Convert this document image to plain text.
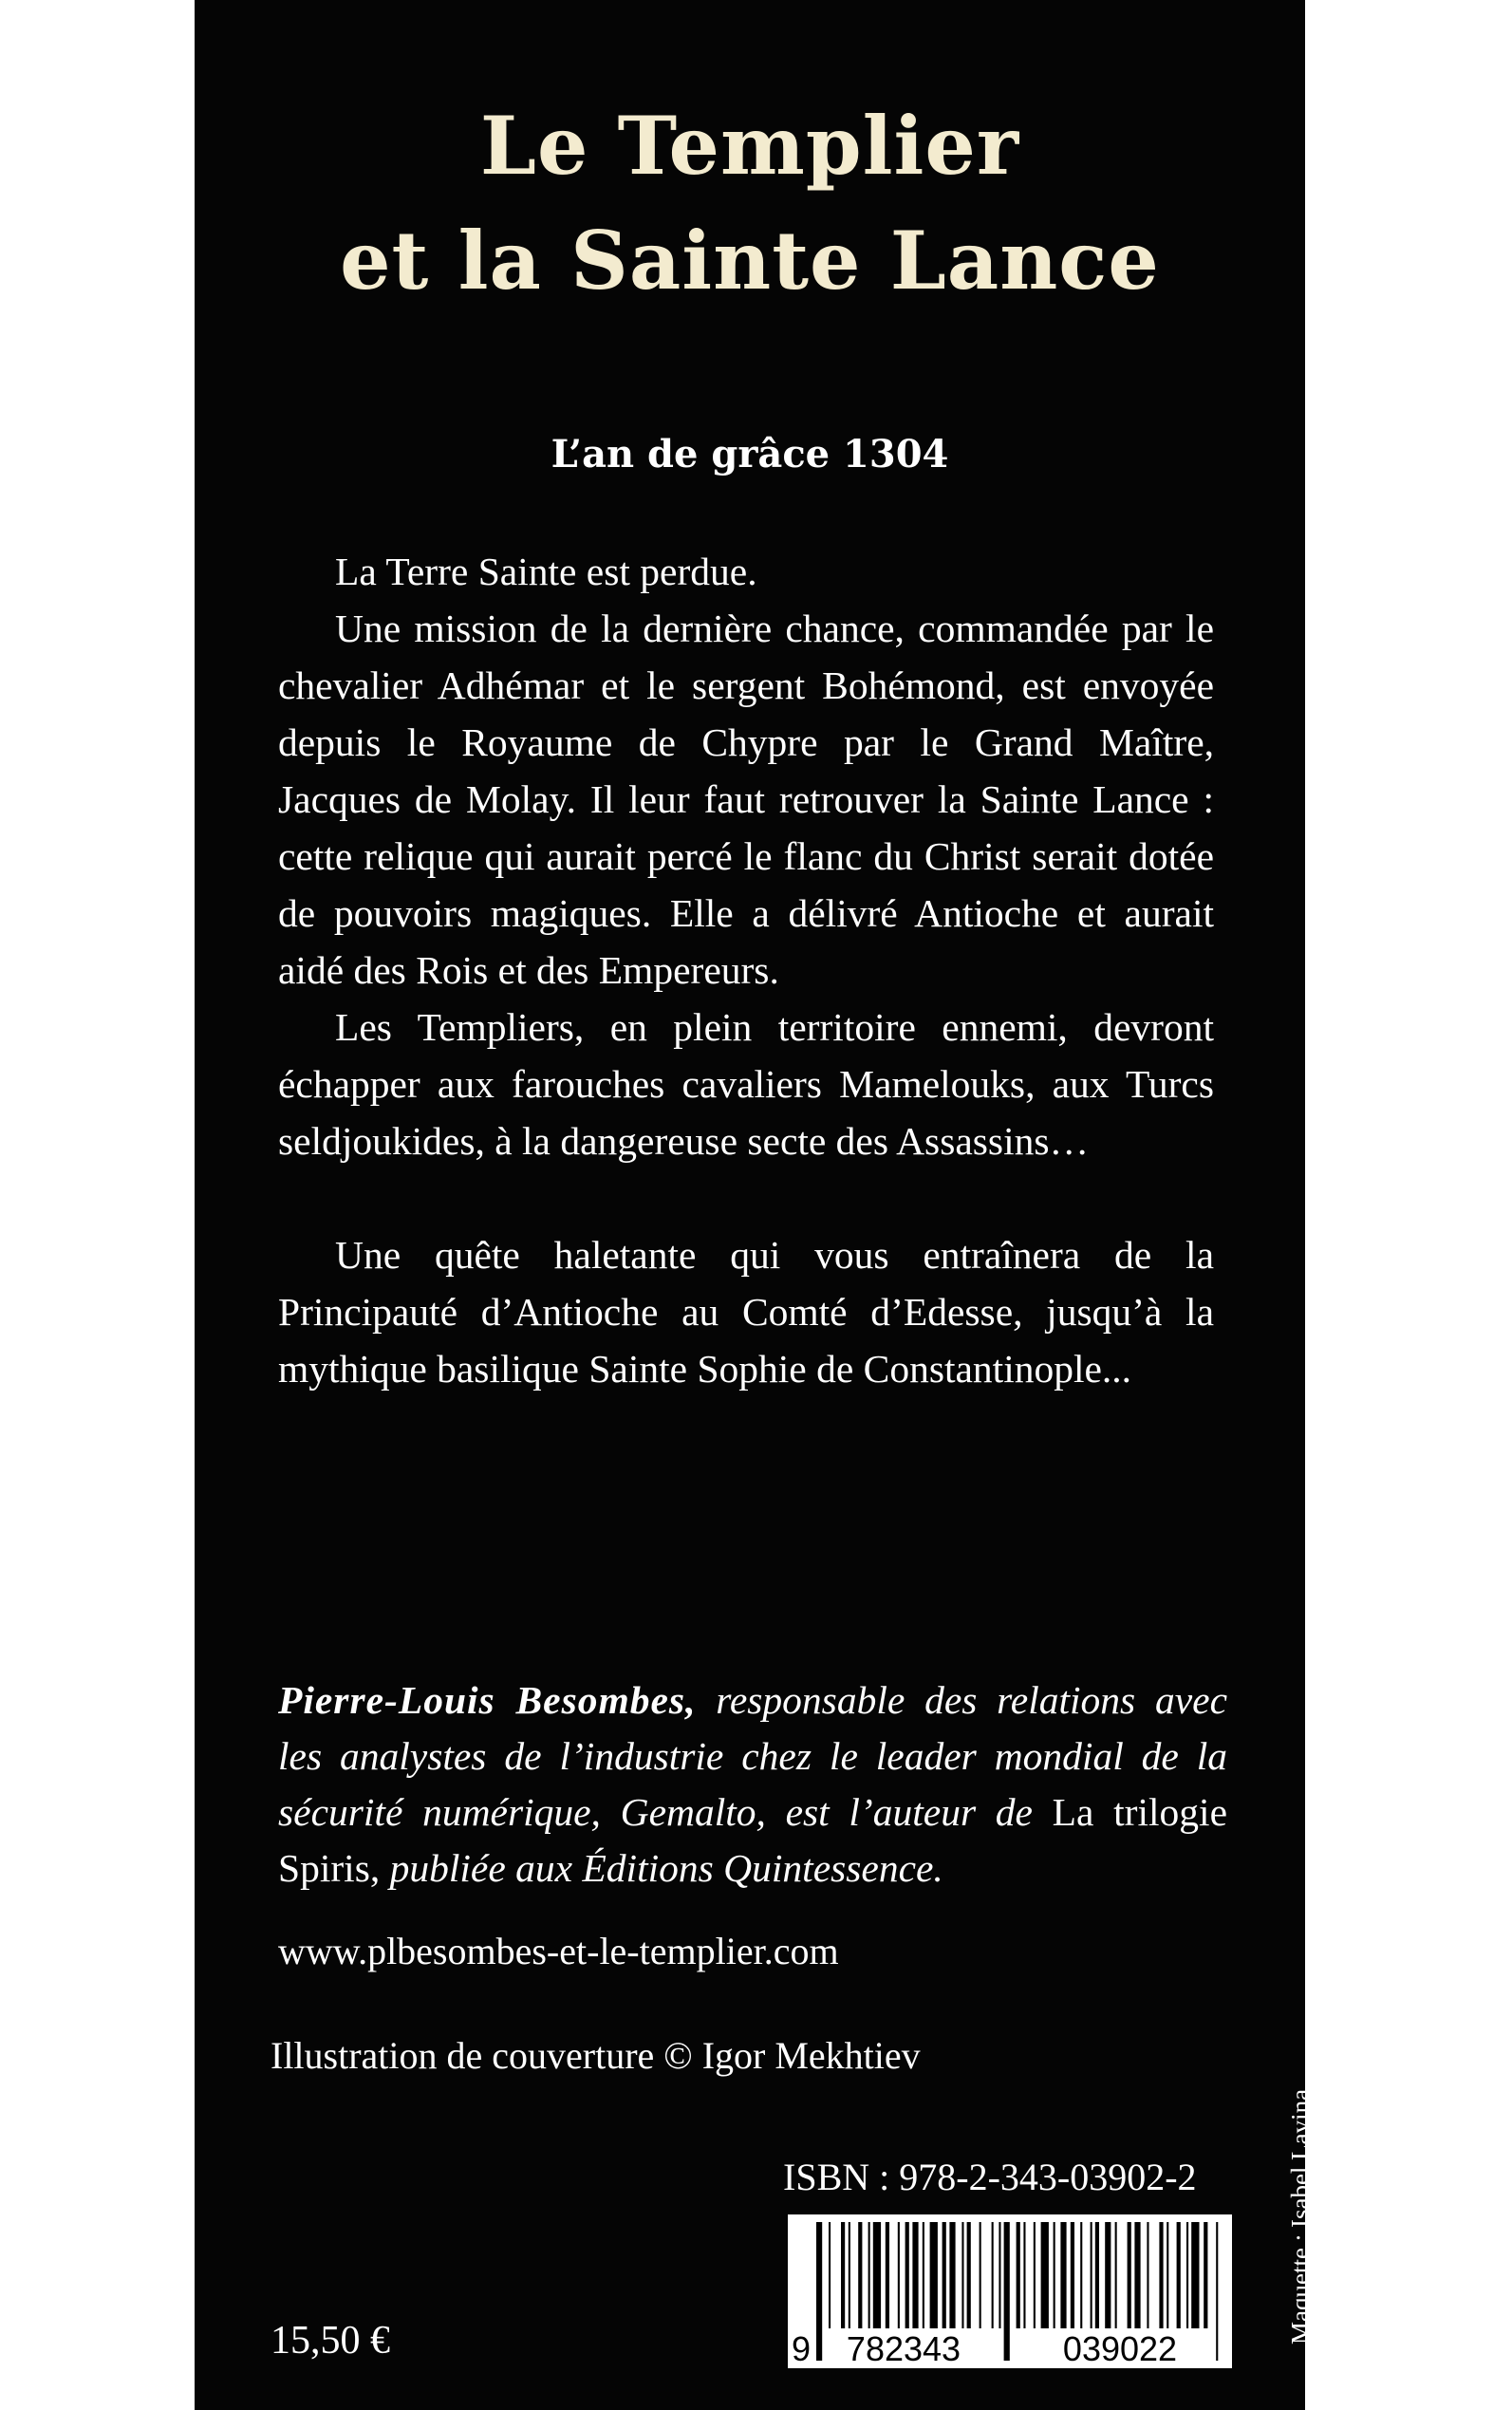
Le Templier
et la Sainte Lance
L’an de grâce 1304

La Terre Sainte est perdue.

Une mission de la dernière chance, commandée par le chevalier Adhémar et le sergent Bohémond, est envoyée depuis le Royaume de Chypre par le Grand Maître, Jacques de Molay. Il leur faut retrouver la Sainte Lance : cette relique qui aurait percé le flanc du Christ serait dotée de pouvoirs magiques. Elle a délivré Antioche et aurait aidé des Rois et des Empereurs.

Les Templiers, en plein territoire ennemi, devront échapper aux farouches cavaliers Mamelouks, aux Turcs seldjoukides, à la dangereuse secte des Assassins…

Une quête haletante qui vous entraînera de la Principauté d’Antioche au Comté d’Edesse, jusqu’à la mythique basilique Sainte Sophie de Constantinople...

Pierre-Louis Besombes, responsable des relations avec les analystes de l’industrie chez le leader mondial de la sécurité numérique, Gemalto, est l’auteur de La trilogie Spiris, publiée aux Éditions Quintessence.
www.plbesombes-et-le-templier.com
Illustration de couverture © Igor Mekhtiev
Maquette : Isabel Lavina
ISBN : 978-2-343-03902-2
9 782343	039022
15,50 €
